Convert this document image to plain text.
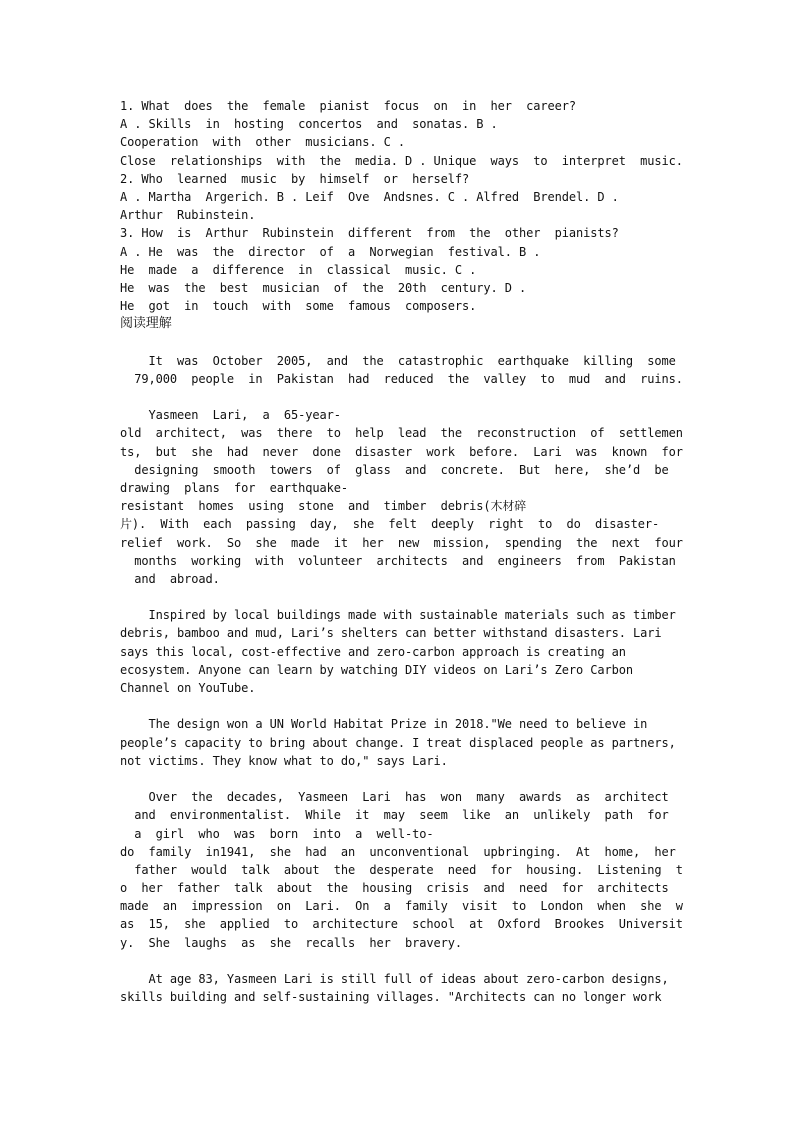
1. What  does  the  female  pianist  focus  on  in  her  career?
A . Skills  in  hosting  concertos  and  sonatas. B .
Cooperation  with  other  musicians. C .
Close  relationships  with  the  media. D . Unique  ways  to  interpret  music.
2. Who  learned  music  by  himself  or  herself?
A . Martha  Argerich. B . Leif  Ove  Andsnes. C . Alfred  Brendel. D .
Arthur  Rubinstein.
3. How  is  Arthur  Rubinstein  different  from  the  other  pianists?
A . He  was  the  director  of  a  Norwegian  festival. B .
He  made  a  difference  in  classical  music. C .
He  was  the  best  musician  of  the  20th  century. D .
He  got  in  touch  with  some  famous  composers.
阅读理解
It  was  October  2005,  and  the  catastrophic  earthquake  killing  some
79,000  people  in  Pakistan  had  reduced  the  valley  to  mud  and  ruins.
Yasmeen  Lari,  a  65-year-
old  architect,  was  there  to  help  lead  the  reconstruction  of  settlemen
ts,  but  she  had  never  done  disaster  work  before.  Lari  was  known  for
designing  smooth  towers  of  glass  and  concrete.  But  here,  she’d  be
drawing  plans  for  earthquake-
resistant  homes  using  stone  and  timber  debris(木材碎
片).  With  each  passing  day,  she  felt  deeply  right  to  do  disaster-
relief  work.  So  she  made  it  her  new  mission,  spending  the  next  four
months  working  with  volunteer  architects  and  engineers  from  Pakistan
and  abroad.
Inspired by local buildings made with sustainable materials such as timber
debris, bamboo and mud, Lari’s shelters can better withstand disasters. Lari
says this local, cost-effective and zero-carbon approach is creating an
ecosystem. Anyone can learn by watching DIY videos on Lari’s Zero Carbon
Channel on YouTube.
The design won a UN World Habitat Prize in 2018."We need to believe in
people’s capacity to bring about change. I treat displaced people as partners,
not victims. They know what to do," says Lari.
Over  the  decades,  Yasmeen  Lari  has  won  many  awards  as  architect
and  environmentalist.  While  it  may  seem  like  an  unlikely  path  for
a  girl  who  was  born  into  a  well-to-
do  family  in1941,  she  had  an  unconventional  upbringing.  At  home,  her
father  would  talk  about  the  desperate  need  for  housing.  Listening  t
o  her  father  talk  about  the  housing  crisis  and  need  for  architects
made  an  impression  on  Lari.  On  a  family  visit  to  London  when  she  w
as  15,  she  applied  to  architecture  school  at  Oxford  Brookes  Universit
y.  She  laughs  as  she  recalls  her  bravery.
At age 83, Yasmeen Lari is still full of ideas about zero-carbon designs,
skills building and self-sustaining villages. "Architects can no longer work
